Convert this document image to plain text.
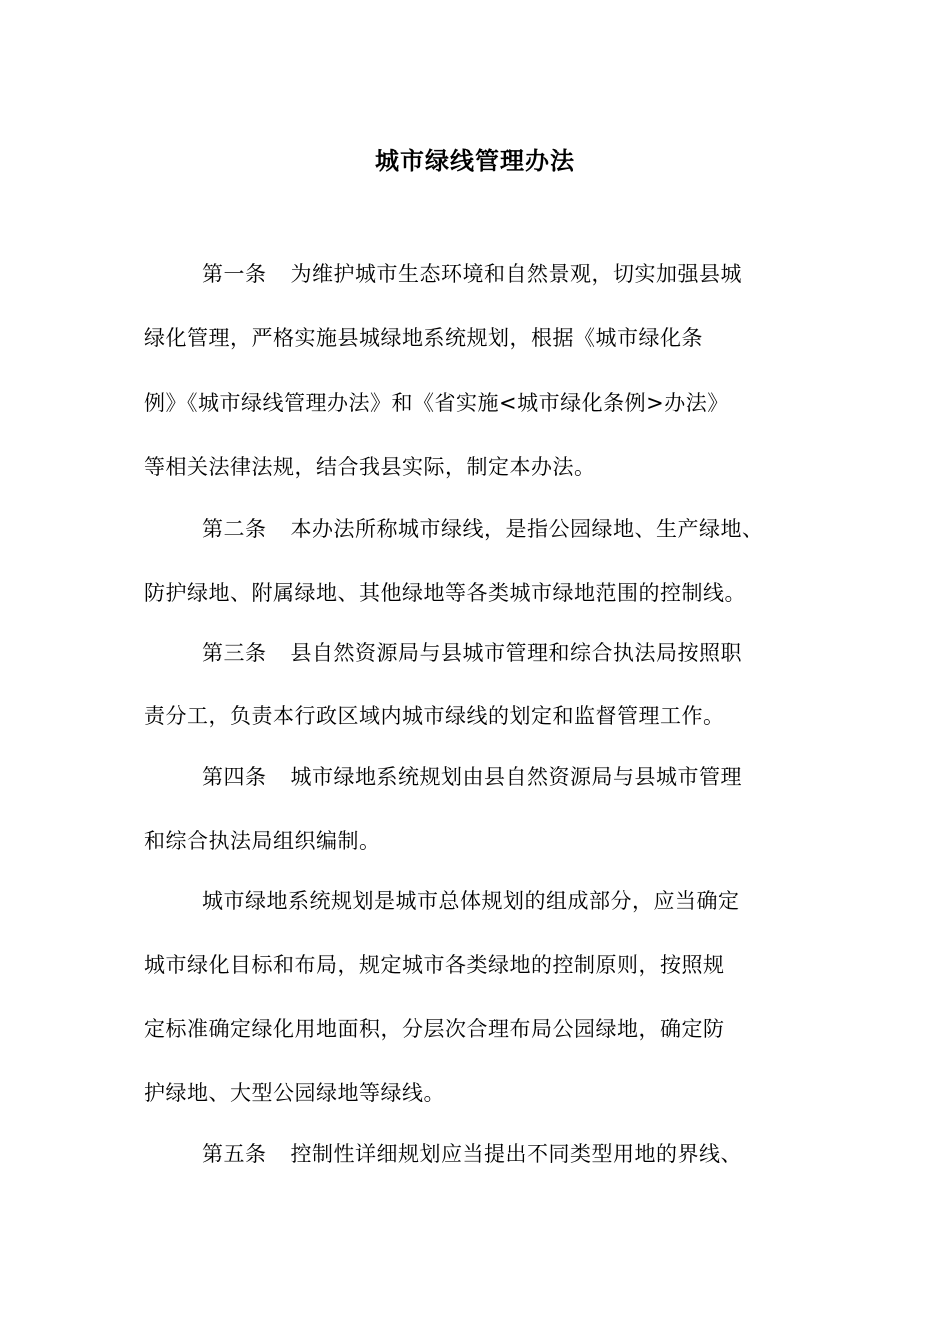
城市绿线管理办法
第一条 为维护城市生态环境和自然景观，切实加强县城
绿化管理，严格实施县城绿地系统规划，根据《城市绿化条
例》《城市绿线管理办法》和《省实施<城市绿化条例>办法》
等相关法律法规，结合我县实际，制定本办法。
第二条 本办法所称城市绿线，是指公园绿地、生产绿地、
防护绿地、附属绿地、其他绿地等各类城市绿地范围的控制线。
第三条 县自然资源局与县城市管理和综合执法局按照职
责分工，负责本行政区域内城市绿线的划定和监督管理工作。
第四条 城市绿地系统规划由县自然资源局与县城市管理
和综合执法局组织编制。
城市绿地系统规划是城市总体规划的组成部分，应当确定
城市绿化目标和布局，规定城市各类绿地的控制原则，按照规
定标准确定绿化用地面积，分层次合理布局公园绿地，确定防
护绿地、大型公园绿地等绿线。
第五条 控制性详细规划应当提出不同类型用地的界线、
